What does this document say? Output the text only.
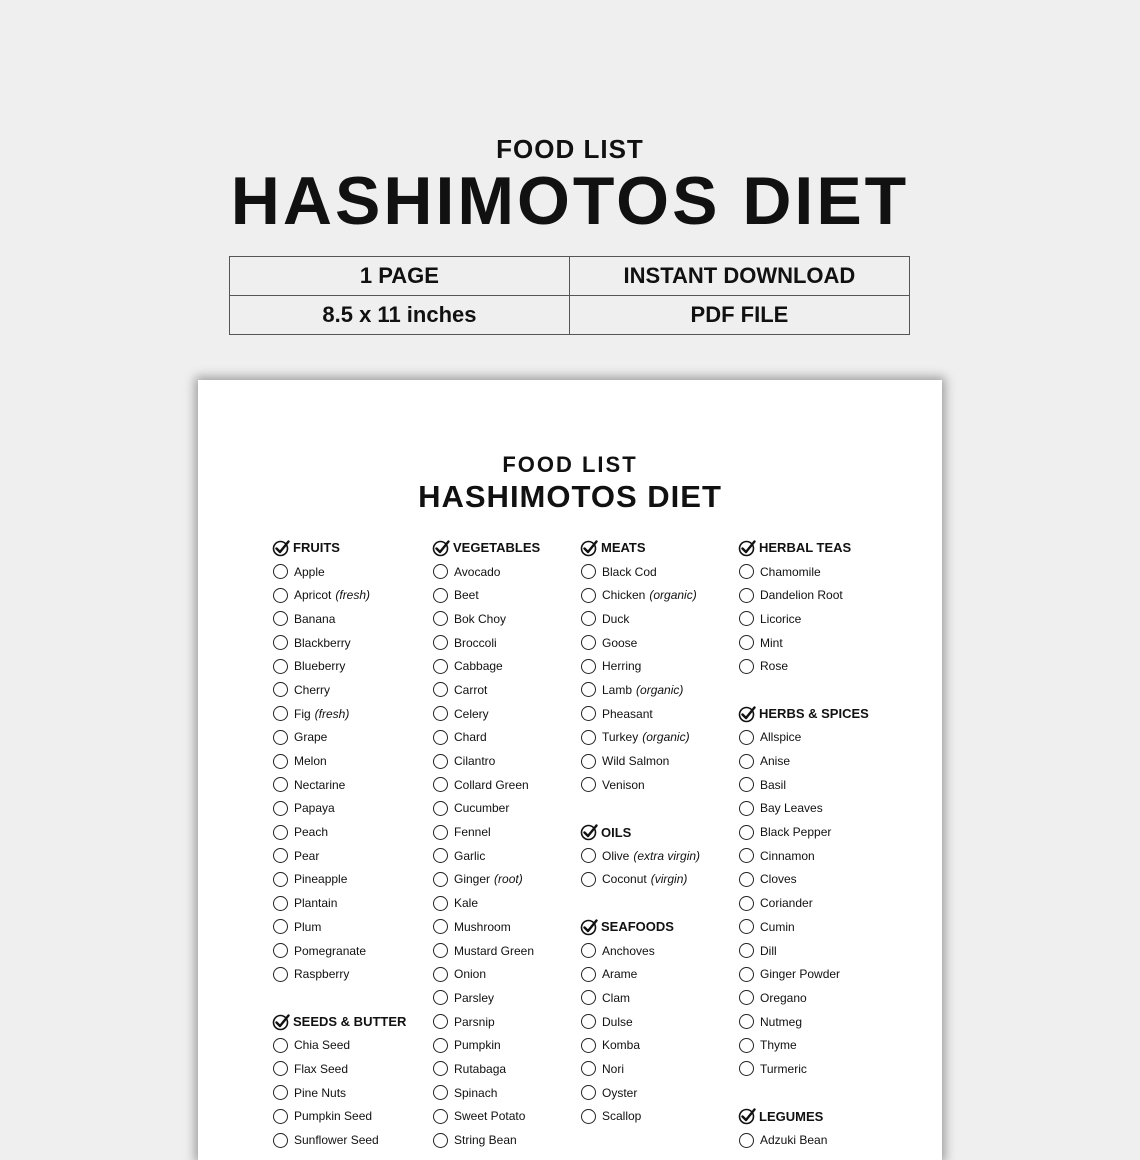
FOOD LIST
HASHIMOTOS DIET
1 PAGE	INSTANT DOWNLOAD
8.5 x 11 inches	PDF FILE
FOOD LIST
HASHIMOTOS DIET
FRUITS
Apple
Apricot (fresh)
Banana
Blackberry
Blueberry
Cherry
Fig (fresh)
Grape
Melon
Nectarine
Papaya
Peach
Pear
Pineapple
Plantain
Plum
Pomegranate
Raspberry
SEEDS & BUTTER
Chia Seed
Flax Seed
Pine Nuts
Pumpkin Seed
Sunflower Seed
VEGETABLES
Avocado
Beet
Bok Choy
Broccoli
Cabbage
Carrot
Celery
Chard
Cilantro
Collard Green
Cucumber
Fennel
Garlic
Ginger (root)
Kale
Mushroom
Mustard Green
Onion
Parsley
Parsnip
Pumpkin
Rutabaga
Spinach
Sweet Potato
String Bean
MEATS
Black Cod
Chicken (organic)
Duck
Goose
Herring
Lamb (organic)
Pheasant
Turkey (organic)
Wild Salmon
Venison
OILS
Olive (extra virgin)
Coconut (virgin)
SEAFOODS
Anchoves
Arame
Clam
Dulse
Komba
Nori
Oyster
Scallop
HERBAL TEAS
Chamomile
Dandelion Root
Licorice
Mint
Rose
HERBS & SPICES
Allspice
Anise
Basil
Bay Leaves
Black Pepper
Cinnamon
Cloves
Coriander
Cumin
Dill
Ginger Powder
Oregano
Nutmeg
Thyme
Turmeric
LEGUMES
Adzuki Bean
